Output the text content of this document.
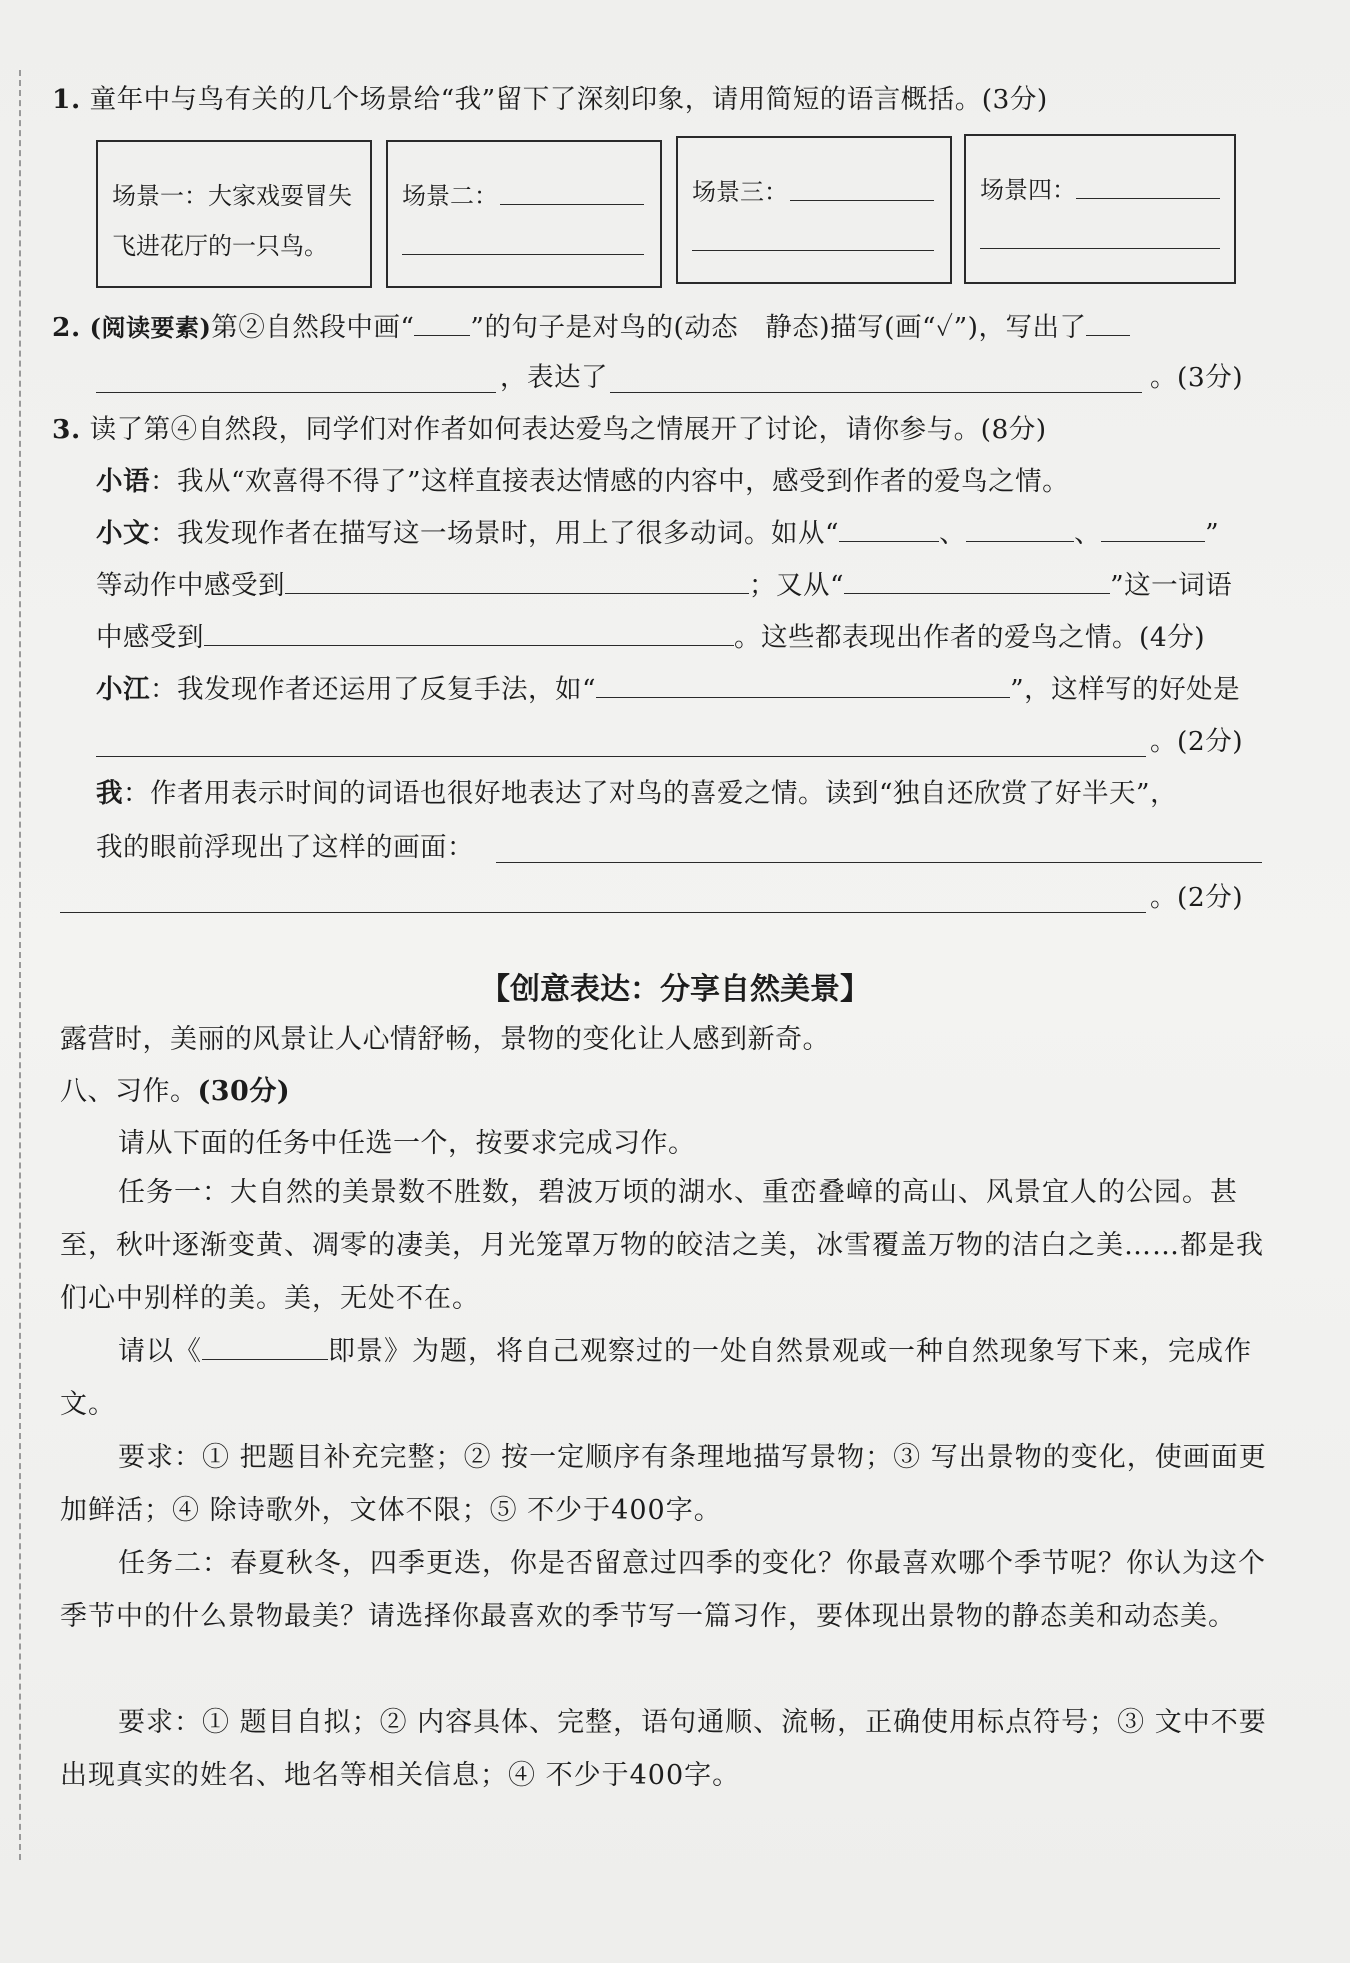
1. 童年中与鸟有关的几个场景给“我”留下了深刻印象，请用简短的语言概括。(3分)
场景一：大家戏耍冒失
飞进花厅的一只鸟。
场景二：	场景三：	场景四：
2. (阅读要素)第②自然段中画“ ”的句子是对鸟的(动态　静态)描写(画“✓”)，写出了
，表达了	。(3分)
3. 读了第④自然段，同学们对作者如何表达爱鸟之情展开了讨论，请你参与。(8分)
小语：我从“欢喜得不得了”这样直接表达情感的内容中，感受到作者的爱鸟之情。
小文：我发现作者在描写这一场景时，用上了很多动词。如从“	、	、	”
等动作中感受到	；又从“	”这一词语
中感受到	。这些都表现出作者的爱鸟之情。(4分)
小江：我发现作者还运用了反复手法，如“	”，这样写的好处是
。(2分)
我：作者用表示时间的词语也很好地表达了对鸟的喜爱之情。读到“独自还欣赏了好半天”，
我的眼前浮现出了这样的画面：
。(2分)
【创意表达：分享自然美景】
露营时，美丽的风景让人心情舒畅，景物的变化让人感到新奇。
八、习作。(30分)
请从下面的任务中任选一个，按要求完成习作。
任务一：大自然的美景数不胜数，碧波万顷的湖水、重峦叠嶂的高山、风景宜人的公园。甚至，秋叶逐渐变黄、凋零的凄美，月光笼罩万物的皎洁之美，冰雪覆盖万物的洁白之美……都是我们心中别样的美。美，无处不在。
请以《	即景》为题，将自己观察过的一处自然景观或一种自然现象写下来，完成作文。
要求：① 把题目补充完整；② 按一定顺序有条理地描写景物；③ 写出景物的变化，使画面更加鲜活；④ 除诗歌外，文体不限；⑤ 不少于400字。
任务二：春夏秋冬，四季更迭，你是否留意过四季的变化？你最喜欢哪个季节呢？你认为这个季节中的什么景物最美？请选择你最喜欢的季节写一篇习作，要体现出景物的静态美和动态美。
要求：① 题目自拟；② 内容具体、完整，语句通顺、流畅，正确使用标点符号；③ 文中不要出现真实的姓名、地名等相关信息；④ 不少于400字。
